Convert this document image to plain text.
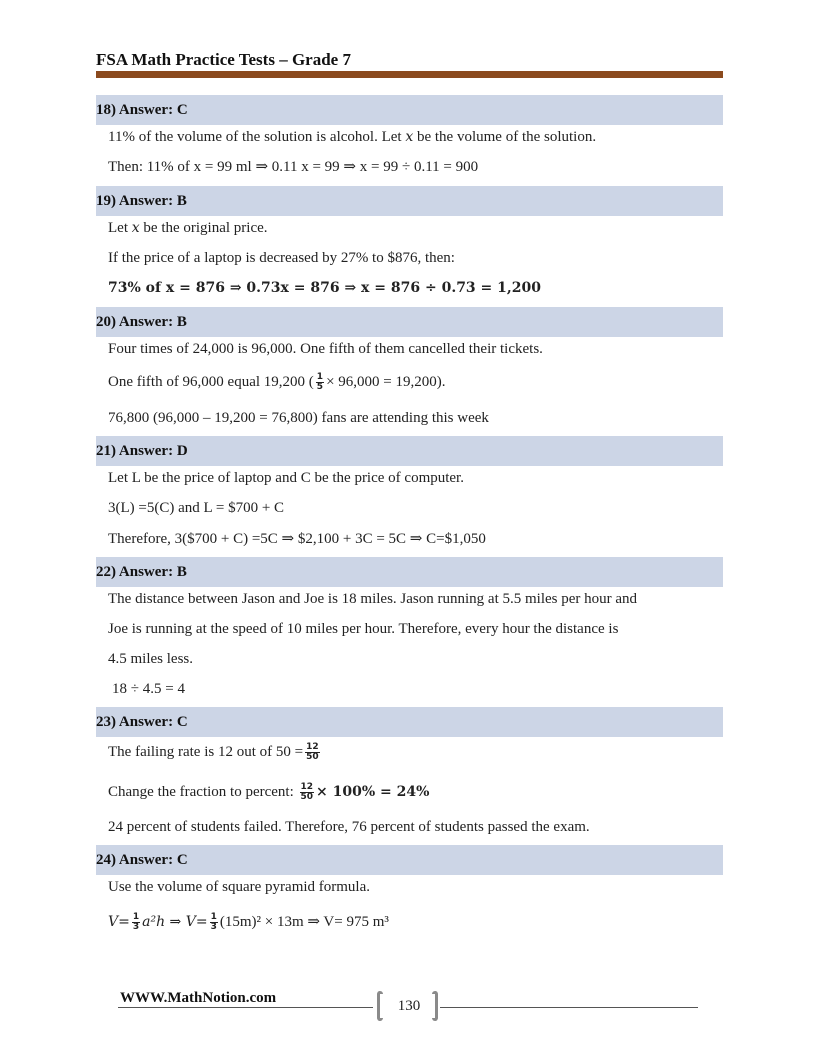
FSA Math Practice Tests – Grade 7
18) Answer: C
11% of the volume of the solution is alcohol. Let x be the volume of the solution.
Then: 11% of x = 99 ml ⇒ 0.11 x = 99 ⇒ x = 99 ÷ 0.11 = 900
19) Answer: B
Let x be the original price.
If the price of a laptop is decreased by 27% to $876, then:
73% of x = 876 ⇒ 0.73x = 876 ⇒ x = 876 ÷ 0.73 = 1,200
20) Answer: B
Four times of 24,000 is 96,000. One fifth of them cancelled their tickets.
One fifth of 96,000 equal 19,200 ( $\frac{1}{5} \times 96,000 = 19,200$).
76,800 (96,000 – 19,200 = 76,800) fans are attending this week
21) Answer: D
Let L be the price of laptop and C be the price of computer.
3(L) =5(C) and L = $700 + C
Therefore, 3($700 + C) =5C ⇒ $2,100 + 3C = 5C ⇒ C=$1,050
22) Answer: B
The distance between Jason and Joe is 18 miles. Jason running at 5.5 miles per hour and
Joe is running at the speed of 10 miles per hour. Therefore, every hour the distance is
4.5 miles less.
18 ÷ 4.5 = 4
23) Answer: C
The failing rate is 12 out of $50 = \frac{12}{50}$
Change the fraction to percent: $\frac{12}{50} \times 100\% = 24\%$
24 percent of students failed. Therefore, 76 percent of students passed the exam.
24) Answer: C
Use the volume of square pyramid formula.
$V= \frac{1}{3} a^2h$ ⇒ $V= \frac{1}{3} (15m)^2 \times 13m$ ⇒ V= 975 m³
WWW.MathNotion.com	130
